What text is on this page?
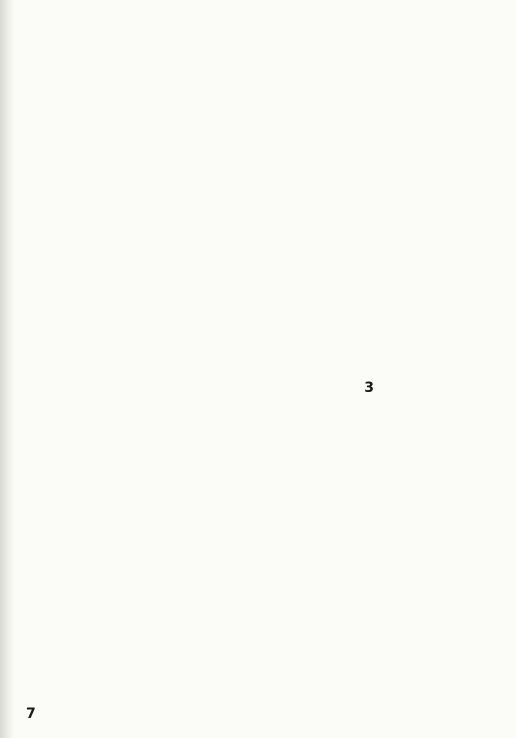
3
7
